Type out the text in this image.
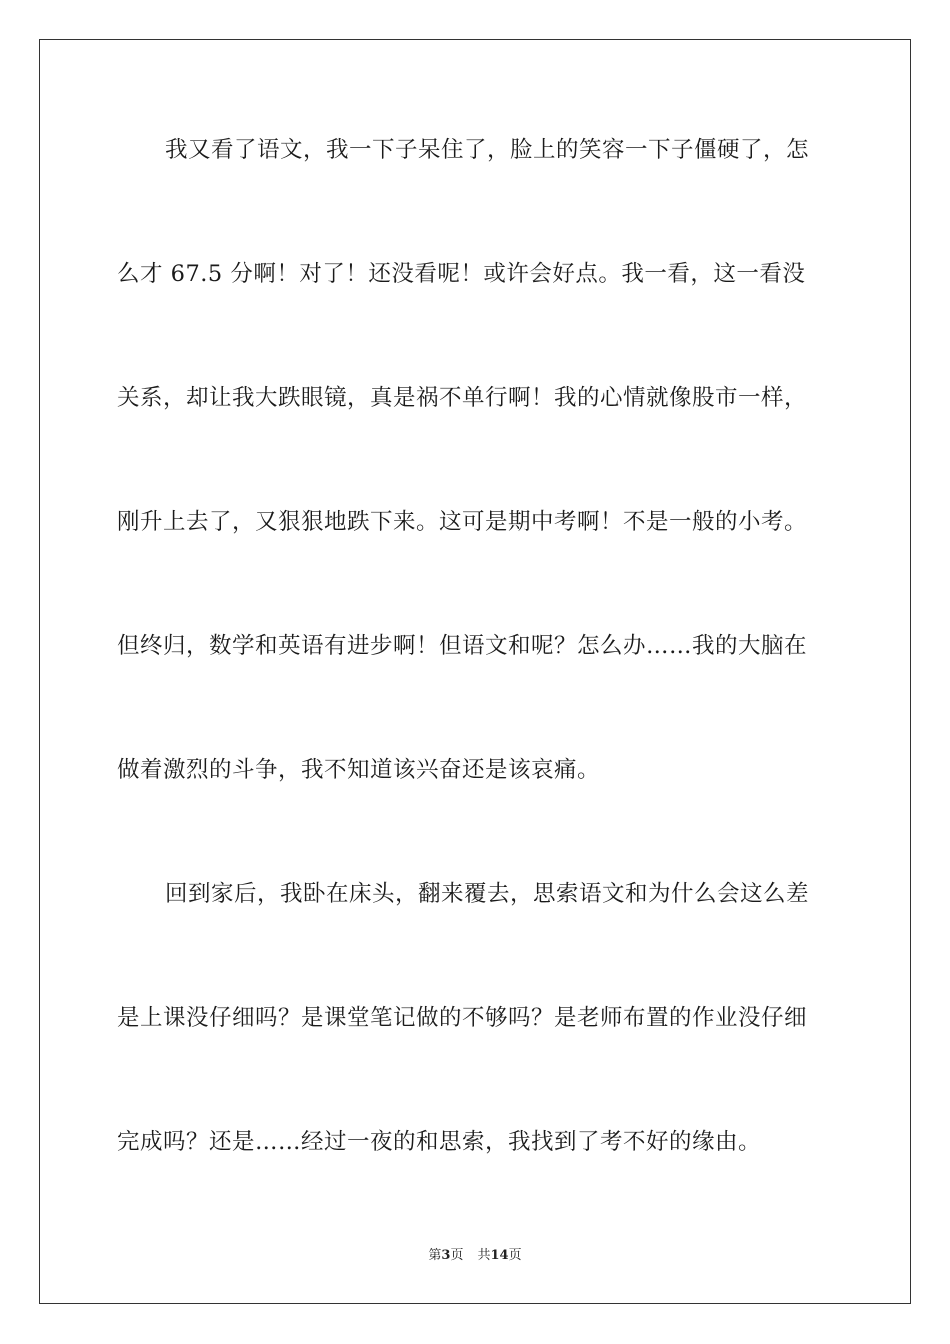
我又看了语文，我一下子呆住了，脸上的笑容一下子僵硬了，怎
么才 67.5 分啊！对了！还没看呢！或许会好点。我一看，这一看没
关系，却让我大跌眼镜，真是祸不单行啊！我的心情就像股市一样，
刚升上去了，又狠狠地跌下来。这可是期中考啊！不是一般的小考。
但终归，数学和英语有进步啊！但语文和呢？怎么办……我的大脑在
做着激烈的斗争，我不知道该兴奋还是该哀痛。
回到家后，我卧在床头，翻来覆去，思索语文和为什么会这么差
是上课没仔细吗？是课堂笔记做的不够吗？是老师布置的作业没仔细
完成吗？还是……经过一夜的和思索，我找到了考不好的缘由。
第3页 共14页
